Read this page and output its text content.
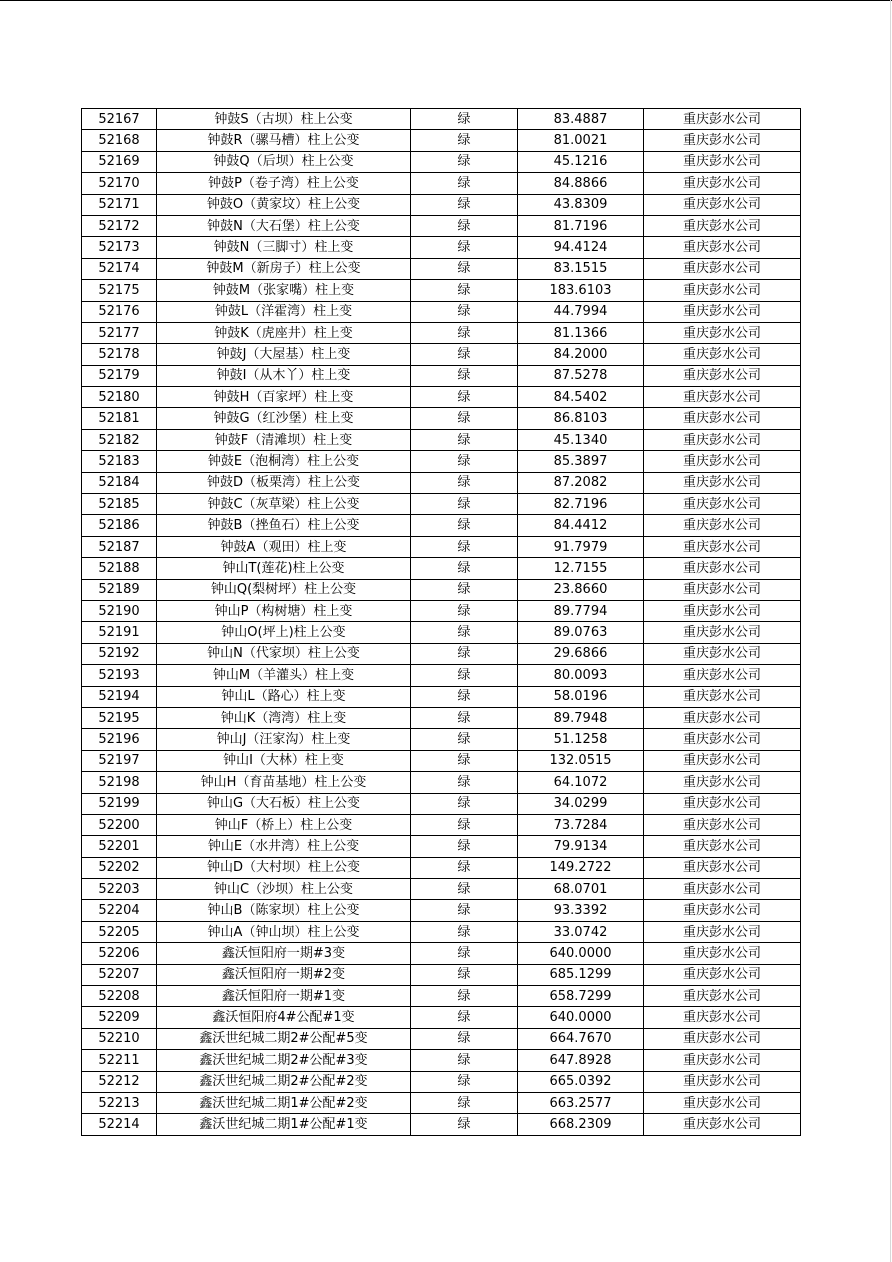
52167	钟鼓S（古坝）柱上公变	绿	83.4887	重庆彭水公司
52168	钟鼓R（骡马槽）柱上公变	绿	81.0021	重庆彭水公司
52169	钟鼓Q（后坝）柱上公变	绿	45.1216	重庆彭水公司
52170	钟鼓P（卷子湾）柱上公变	绿	84.8866	重庆彭水公司
52171	钟鼓O（黄家坟）柱上公变	绿	43.8309	重庆彭水公司
52172	钟鼓N（大石堡）柱上公变	绿	81.7196	重庆彭水公司
52173	钟鼓N（三脚寸）柱上变	绿	94.4124	重庆彭水公司
52174	钟鼓M（新房子）柱上公变	绿	83.1515	重庆彭水公司
52175	钟鼓M（张家嘴）柱上变	绿	183.6103	重庆彭水公司
52176	钟鼓L（洋霍湾）柱上变	绿	44.7994	重庆彭水公司
52177	钟鼓K（虎座井）柱上变	绿	81.1366	重庆彭水公司
52178	钟鼓J（大屋基）柱上变	绿	84.2000	重庆彭水公司
52179	钟鼓I（从木丫）柱上变	绿	87.5278	重庆彭水公司
52180	钟鼓H（百家坪）柱上变	绿	84.5402	重庆彭水公司
52181	钟鼓G（红沙堡）柱上变	绿	86.8103	重庆彭水公司
52182	钟鼓F（清滩坝）柱上变	绿	45.1340	重庆彭水公司
52183	钟鼓E（泡桐湾）柱上公变	绿	85.3897	重庆彭水公司
52184	钟鼓D（板栗湾）柱上公变	绿	87.2082	重庆彭水公司
52185	钟鼓C（灰草梁）柱上公变	绿	82.7196	重庆彭水公司
52186	钟鼓B（挫鱼石）柱上公变	绿	84.4412	重庆彭水公司
52187	钟鼓A（观田）柱上变	绿	91.7979	重庆彭水公司
52188	钟山T(莲花)柱上公变	绿	12.7155	重庆彭水公司
52189	钟山Q(梨树坪）柱上公变	绿	23.8660	重庆彭水公司
52190	钟山P（构树塘）柱上变	绿	89.7794	重庆彭水公司
52191	钟山O(坪上)柱上公变	绿	89.0763	重庆彭水公司
52192	钟山N（代家坝）柱上公变	绿	29.6866	重庆彭水公司
52193	钟山M（羊灌头）柱上变	绿	80.0093	重庆彭水公司
52194	钟山L（路心）柱上变	绿	58.0196	重庆彭水公司
52195	钟山K（湾湾）柱上变	绿	89.7948	重庆彭水公司
52196	钟山J（汪家沟）柱上变	绿	51.1258	重庆彭水公司
52197	钟山I（大林）柱上变	绿	132.0515	重庆彭水公司
52198	钟山H（育苗基地）柱上公变	绿	64.1072	重庆彭水公司
52199	钟山G（大石板）柱上公变	绿	34.0299	重庆彭水公司
52200	钟山F（桥上）柱上公变	绿	73.7284	重庆彭水公司
52201	钟山E（水井湾）柱上公变	绿	79.9134	重庆彭水公司
52202	钟山D（大村坝）柱上公变	绿	149.2722	重庆彭水公司
52203	钟山C（沙坝）柱上公变	绿	68.0701	重庆彭水公司
52204	钟山B（陈家坝）柱上公变	绿	93.3392	重庆彭水公司
52205	钟山A（钟山坝）柱上公变	绿	33.0742	重庆彭水公司
52206	鑫沃恒阳府一期#3变	绿	640.0000	重庆彭水公司
52207	鑫沃恒阳府一期#2变	绿	685.1299	重庆彭水公司
52208	鑫沃恒阳府一期#1变	绿	658.7299	重庆彭水公司
52209	鑫沃恒阳府4#公配#1变	绿	640.0000	重庆彭水公司
52210	鑫沃世纪城二期2#公配#5变	绿	664.7670	重庆彭水公司
52211	鑫沃世纪城二期2#公配#3变	绿	647.8928	重庆彭水公司
52212	鑫沃世纪城二期2#公配#2变	绿	665.0392	重庆彭水公司
52213	鑫沃世纪城二期1#公配#2变	绿	663.2577	重庆彭水公司
52214	鑫沃世纪城二期1#公配#1变	绿	668.2309	重庆彭水公司
